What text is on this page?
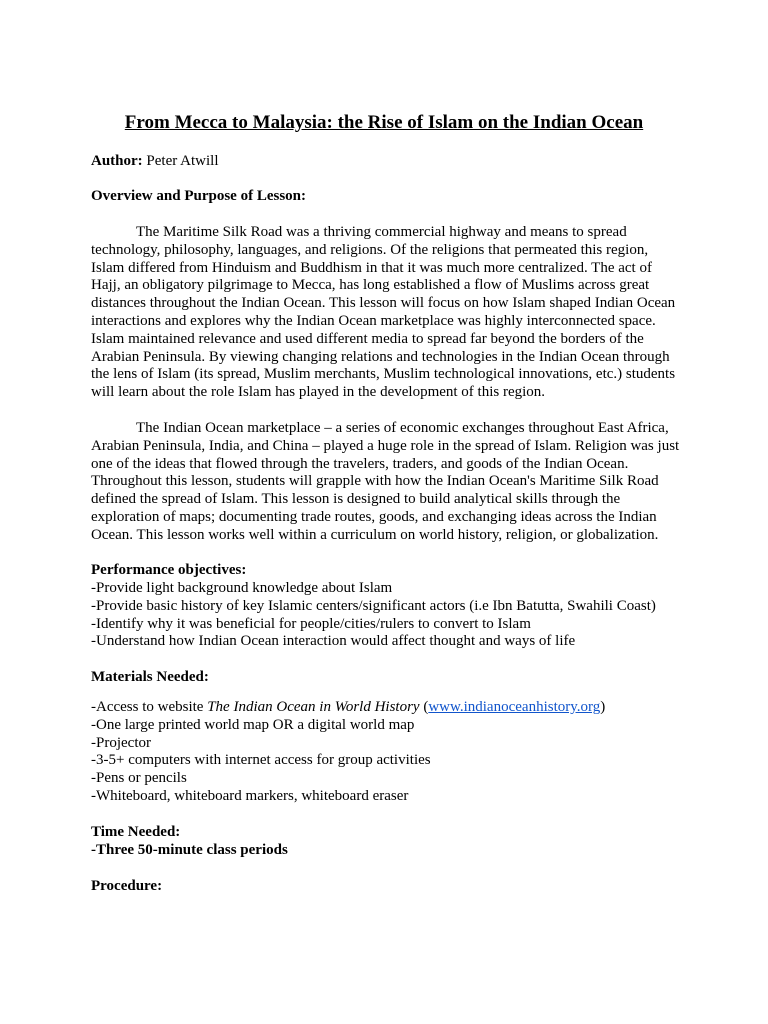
From Mecca to Malaysia: the Rise of Islam on the Indian Ocean
Author: Peter Atwill
Overview and Purpose of Lesson:

The Maritime Silk Road was a thriving commercial highway and means to spread technology, philosophy, languages, and religions. Of the religions that permeated this region, Islam differed from Hinduism and Buddhism in that it was much more centralized. The act of Hajj, an obligatory pilgrimage to Mecca, has long established a flow of Muslims across great distances throughout the Indian Ocean. This lesson will focus on how Islam shaped Indian Ocean interactions and explores why the Indian Ocean marketplace was highly interconnected space. Islam maintained relevance and used different media to spread far beyond the borders of the Arabian Peninsula. By viewing changing relations and technologies in the Indian Ocean through the lens of Islam (its spread, Muslim merchants, Muslim technological innovations, etc.) students will learn about the role Islam has played in the development of this region.

The Indian Ocean marketplace – a series of economic exchanges throughout East Africa, Arabian Peninsula, India, and China – played a huge role in the spread of Islam. Religion was just one of the ideas that flowed through the travelers, traders, and goods of the Indian Ocean. Throughout this lesson, students will grapple with how the Indian Ocean's Maritime Silk Road defined the spread of Islam. This lesson is designed to build analytical skills through the exploration of maps; documenting trade routes, goods, and exchanging ideas across the Indian Ocean. This lesson works well within a curriculum on world history, religion, or globalization.

Performance objectives:
-Provide light background knowledge about Islam
-Provide basic history of key Islamic centers/significant actors (i.e Ibn Batutta, Swahili Coast)
-Identify why it was beneficial for people/cities/rulers to convert to Islam
-Understand how Indian Ocean interaction would affect thought and ways of life
Materials Needed:
-Access to website The Indian Ocean in World History (www.indianoceanhistory.org)
-One large printed world map OR a digital world map
-Projector
-3-5+ computers with internet access for group activities
-Pens or pencils
-Whiteboard, whiteboard markers, whiteboard eraser
Time Needed:
-Three 50-minute class periods
Procedure:
